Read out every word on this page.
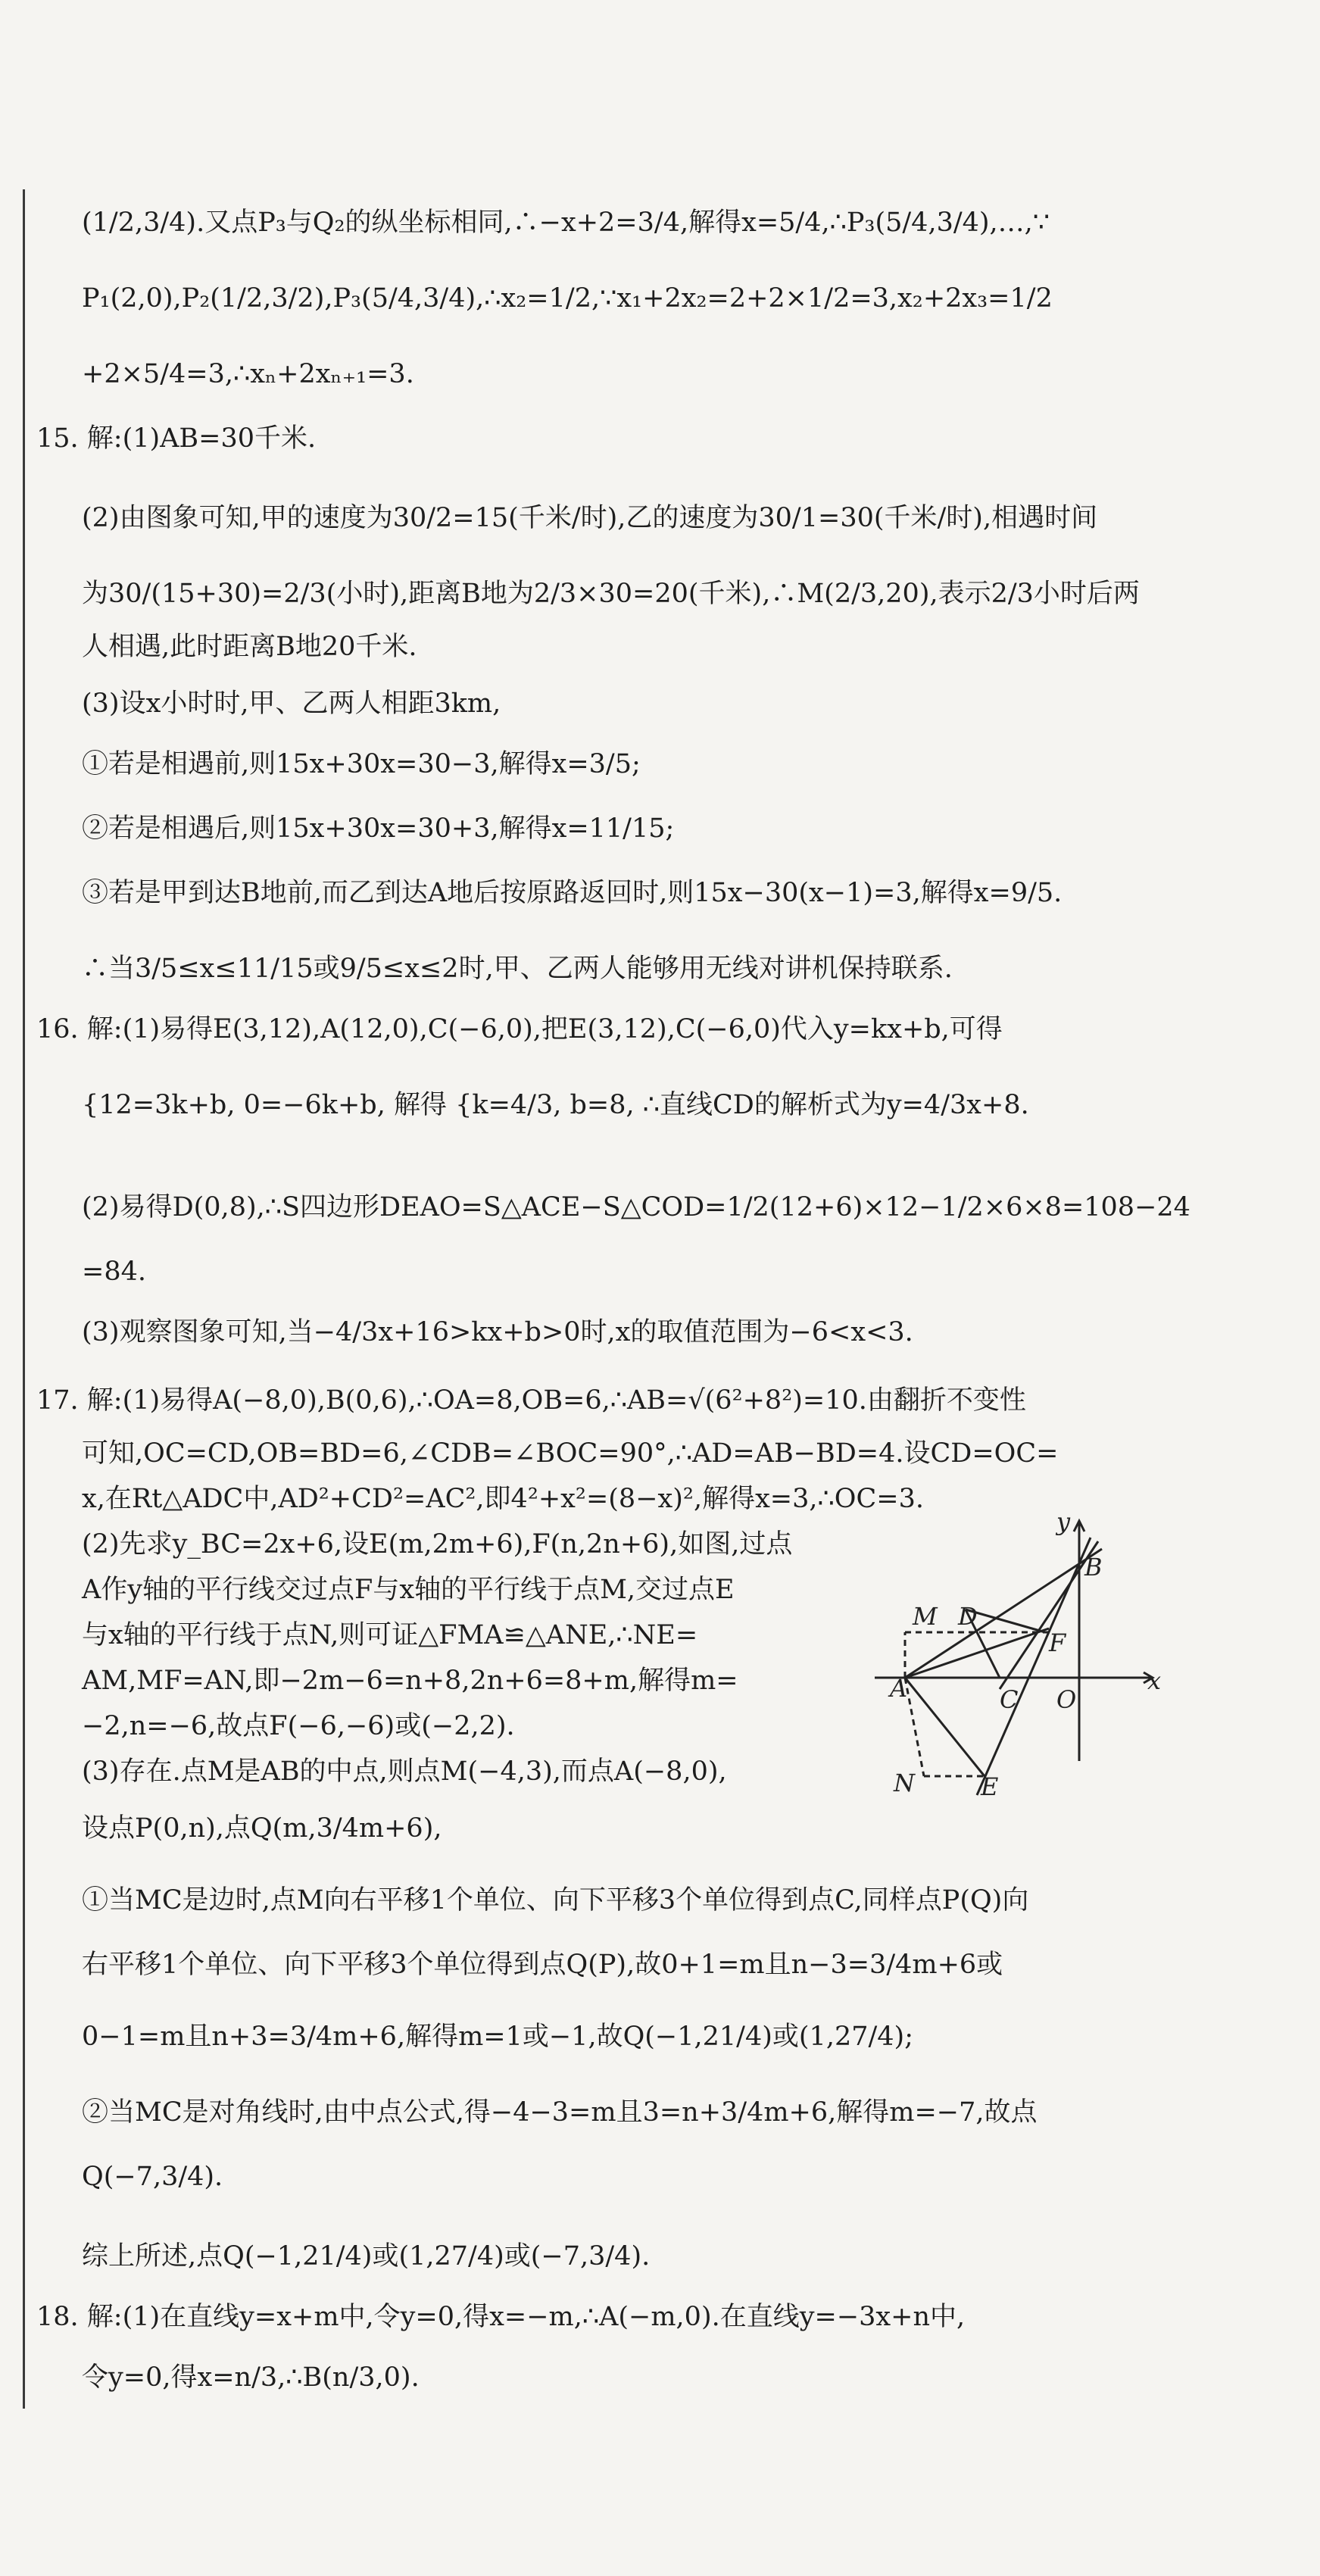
(1/2,3/4).又点P₃与Q₂的纵坐标相同,∴−x+2=3/4,解得x=5/4,∴P₃(5/4,3/4),…,∵
P₁(2,0),P₂(1/2,3/2),P₃(5/4,3/4),∴x₂=1/2,∵x₁+2x₂=2+2×1/2=3,x₂+2x₃=1/2
+2×5/4=3,∴xₙ+2xₙ₊₁=3.
15. 解:(1)AB=30千米.
(2)由图象可知,甲的速度为30/2=15(千米/时),乙的速度为30/1=30(千米/时),相遇时间
为30/(15+30)=2/3(小时),距离B地为2/3×30=20(千米),∴M(2/3,20),表示2/3小时后两
人相遇,此时距离B地20千米.
(3)设x小时时,甲、乙两人相距3km,
①若是相遇前,则15x+30x=30−3,解得x=3/5;
②若是相遇后,则15x+30x=30+3,解得x=11/15;
③若是甲到达B地前,而乙到达A地后按原路返回时,则15x−30(x−1)=3,解得x=9/5.
∴当3/5≤x≤11/15或9/5≤x≤2时,甲、乙两人能够用无线对讲机保持联系.
16. 解:(1)易得E(3,12),A(12,0),C(−6,0),把E(3,12),C(−6,0)代入y=kx+b,可得
{12=3k+b, 0=−6k+b, 解得 {k=4/3, b=8, ∴直线CD的解析式为y=4/3x+8.
(2)易得D(0,8),∴S四边形DEAO=S△ACE−S△COD=1/2(12+6)×12−1/2×6×8=108−24
=84.
(3)观察图象可知,当−4/3x+16>kx+b>0时,x的取值范围为−6<x<3.
17. 解:(1)易得A(−8,0),B(0,6),∴OA=8,OB=6,∴AB=√(6²+8²)=10.由翻折不变性
可知,OC=CD,OB=BD=6,∠CDB=∠BOC=90°,∴AD=AB−BD=4.设CD=OC=
x,在Rt△ADC中,AD²+CD²=AC²,即4²+x²=(8−x)²,解得x=3,∴OC=3.
(2)先求y_BC=2x+6,设E(m,2m+6),F(n,2n+6),如图,过点
A作y轴的平行线交过点F与x轴的平行线于点M,交过点E
与x轴的平行线于点N,则可证△FMA≌△ANE,∴NE=
AM,MF=AN,即−2m−6=n+8,2n+6=8+m,解得m=
−2,n=−6,故点F(−6,−6)或(−2,2).
(3)存在.点M是AB的中点,则点M(−4,3),而点A(−8,0),
设点P(0,n),点Q(m,3/4m+6),
①当MC是边时,点M向右平移1个单位、向下平移3个单位得到点C,同样点P(Q)向
右平移1个单位、向下平移3个单位得到点Q(P),故0+1=m且n−3=3/4m+6或
0−1=m且n+3=3/4m+6,解得m=1或−1,故Q(−1,21/4)或(1,27/4);
②当MC是对角线时,由中点公式,得−4−3=m且3=n+3/4m+6,解得m=−7,故点
Q(−7,3/4).
综上所述,点Q(−1,21/4)或(1,27/4)或(−7,3/4).
18. 解:(1)在直线y=x+m中,令y=0,得x=−m,∴A(−m,0).在直线y=−3x+n中,
令y=0,得x=n/3,∴B(n/3,0).
y
x
B
M D
F
A	C O
N	E
